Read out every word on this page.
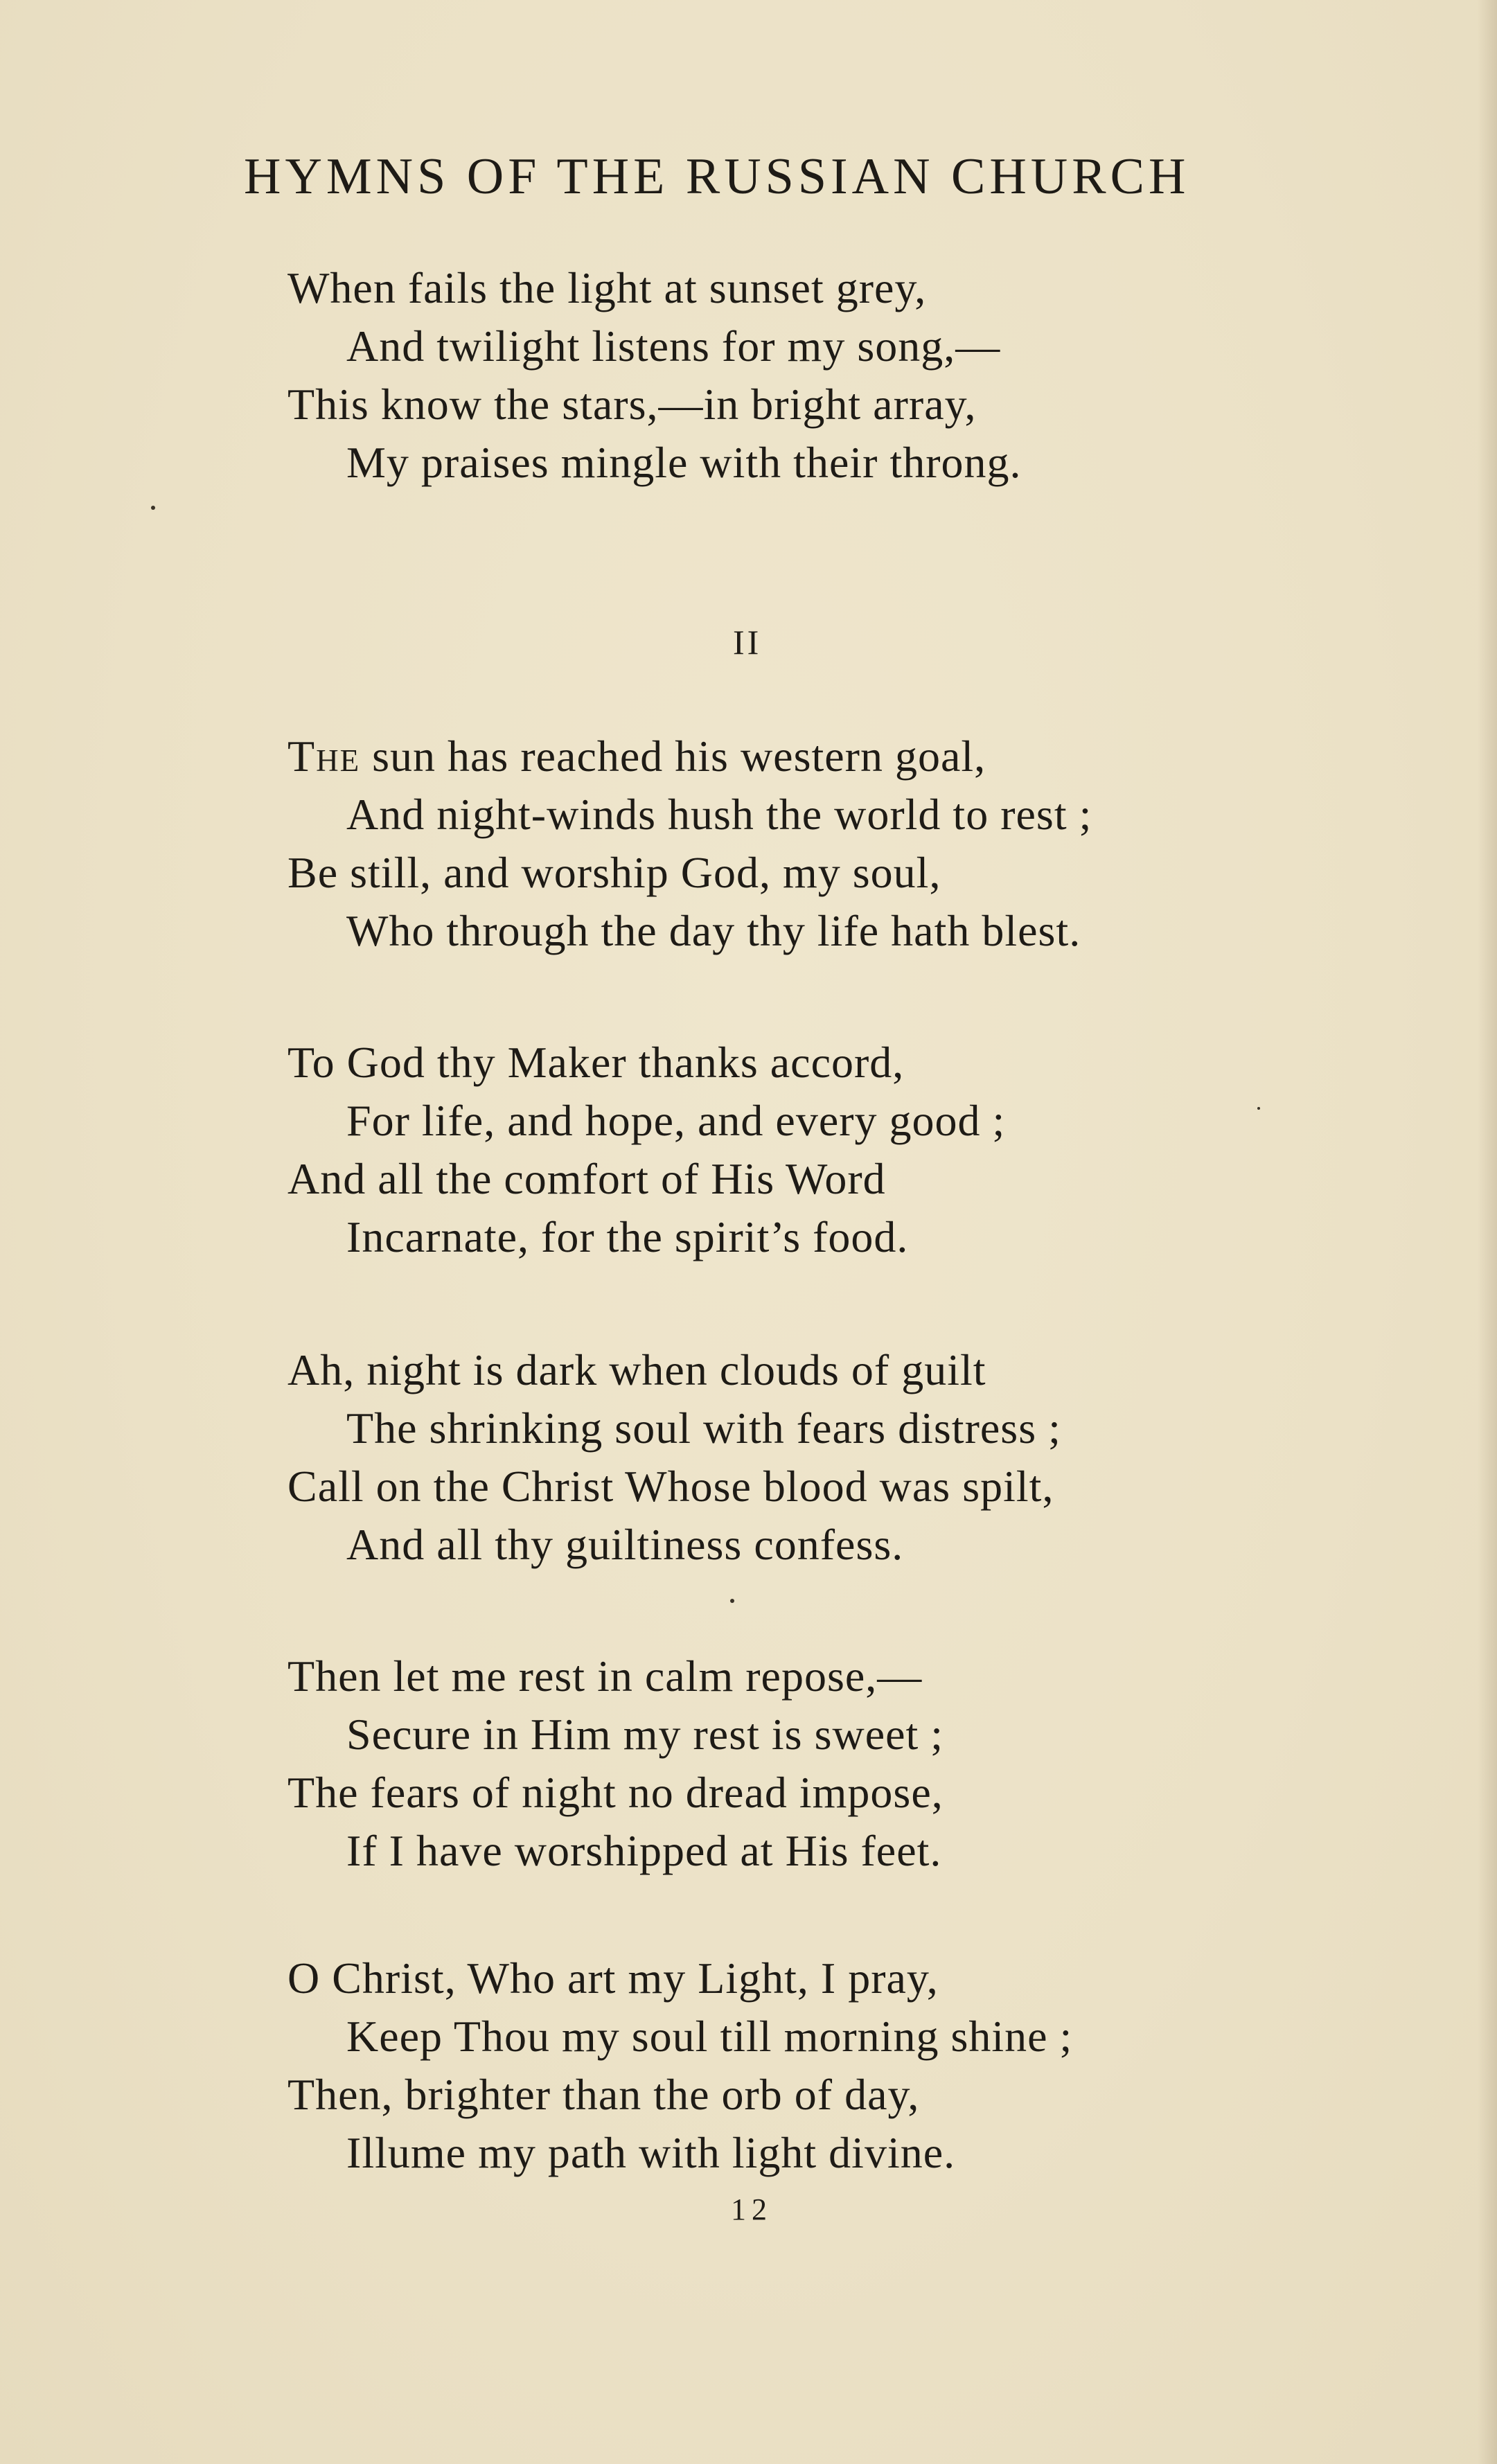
HYMNS OF THE RUSSIAN CHURCH
When fails the light at sunset grey,
And twilight listens for my song,—
This know the stars,—in bright array,
My praises mingle with their throng.
II
The sun has reached his western goal,
And night-winds hush the world to rest ;
Be still, and worship God, my soul,
Who through the day thy life hath blest.
To God thy Maker thanks accord,
For life, and hope, and every good ;
And all the comfort of His Word
Incarnate, for the spirit’s food.
Ah, night is dark when clouds of guilt
The shrinking soul with fears distress ;
Call on the Christ Whose blood was spilt,
And all thy guiltiness confess.
Then let me rest in calm repose,—
Secure in Him my rest is sweet ;
The fears of night no dread impose,
If I have worshipped at His feet.
O Christ, Who art my Light, I pray,
Keep Thou my soul till morning shine ;
Then, brighter than the orb of day,
Illume my path with light divine.
12
